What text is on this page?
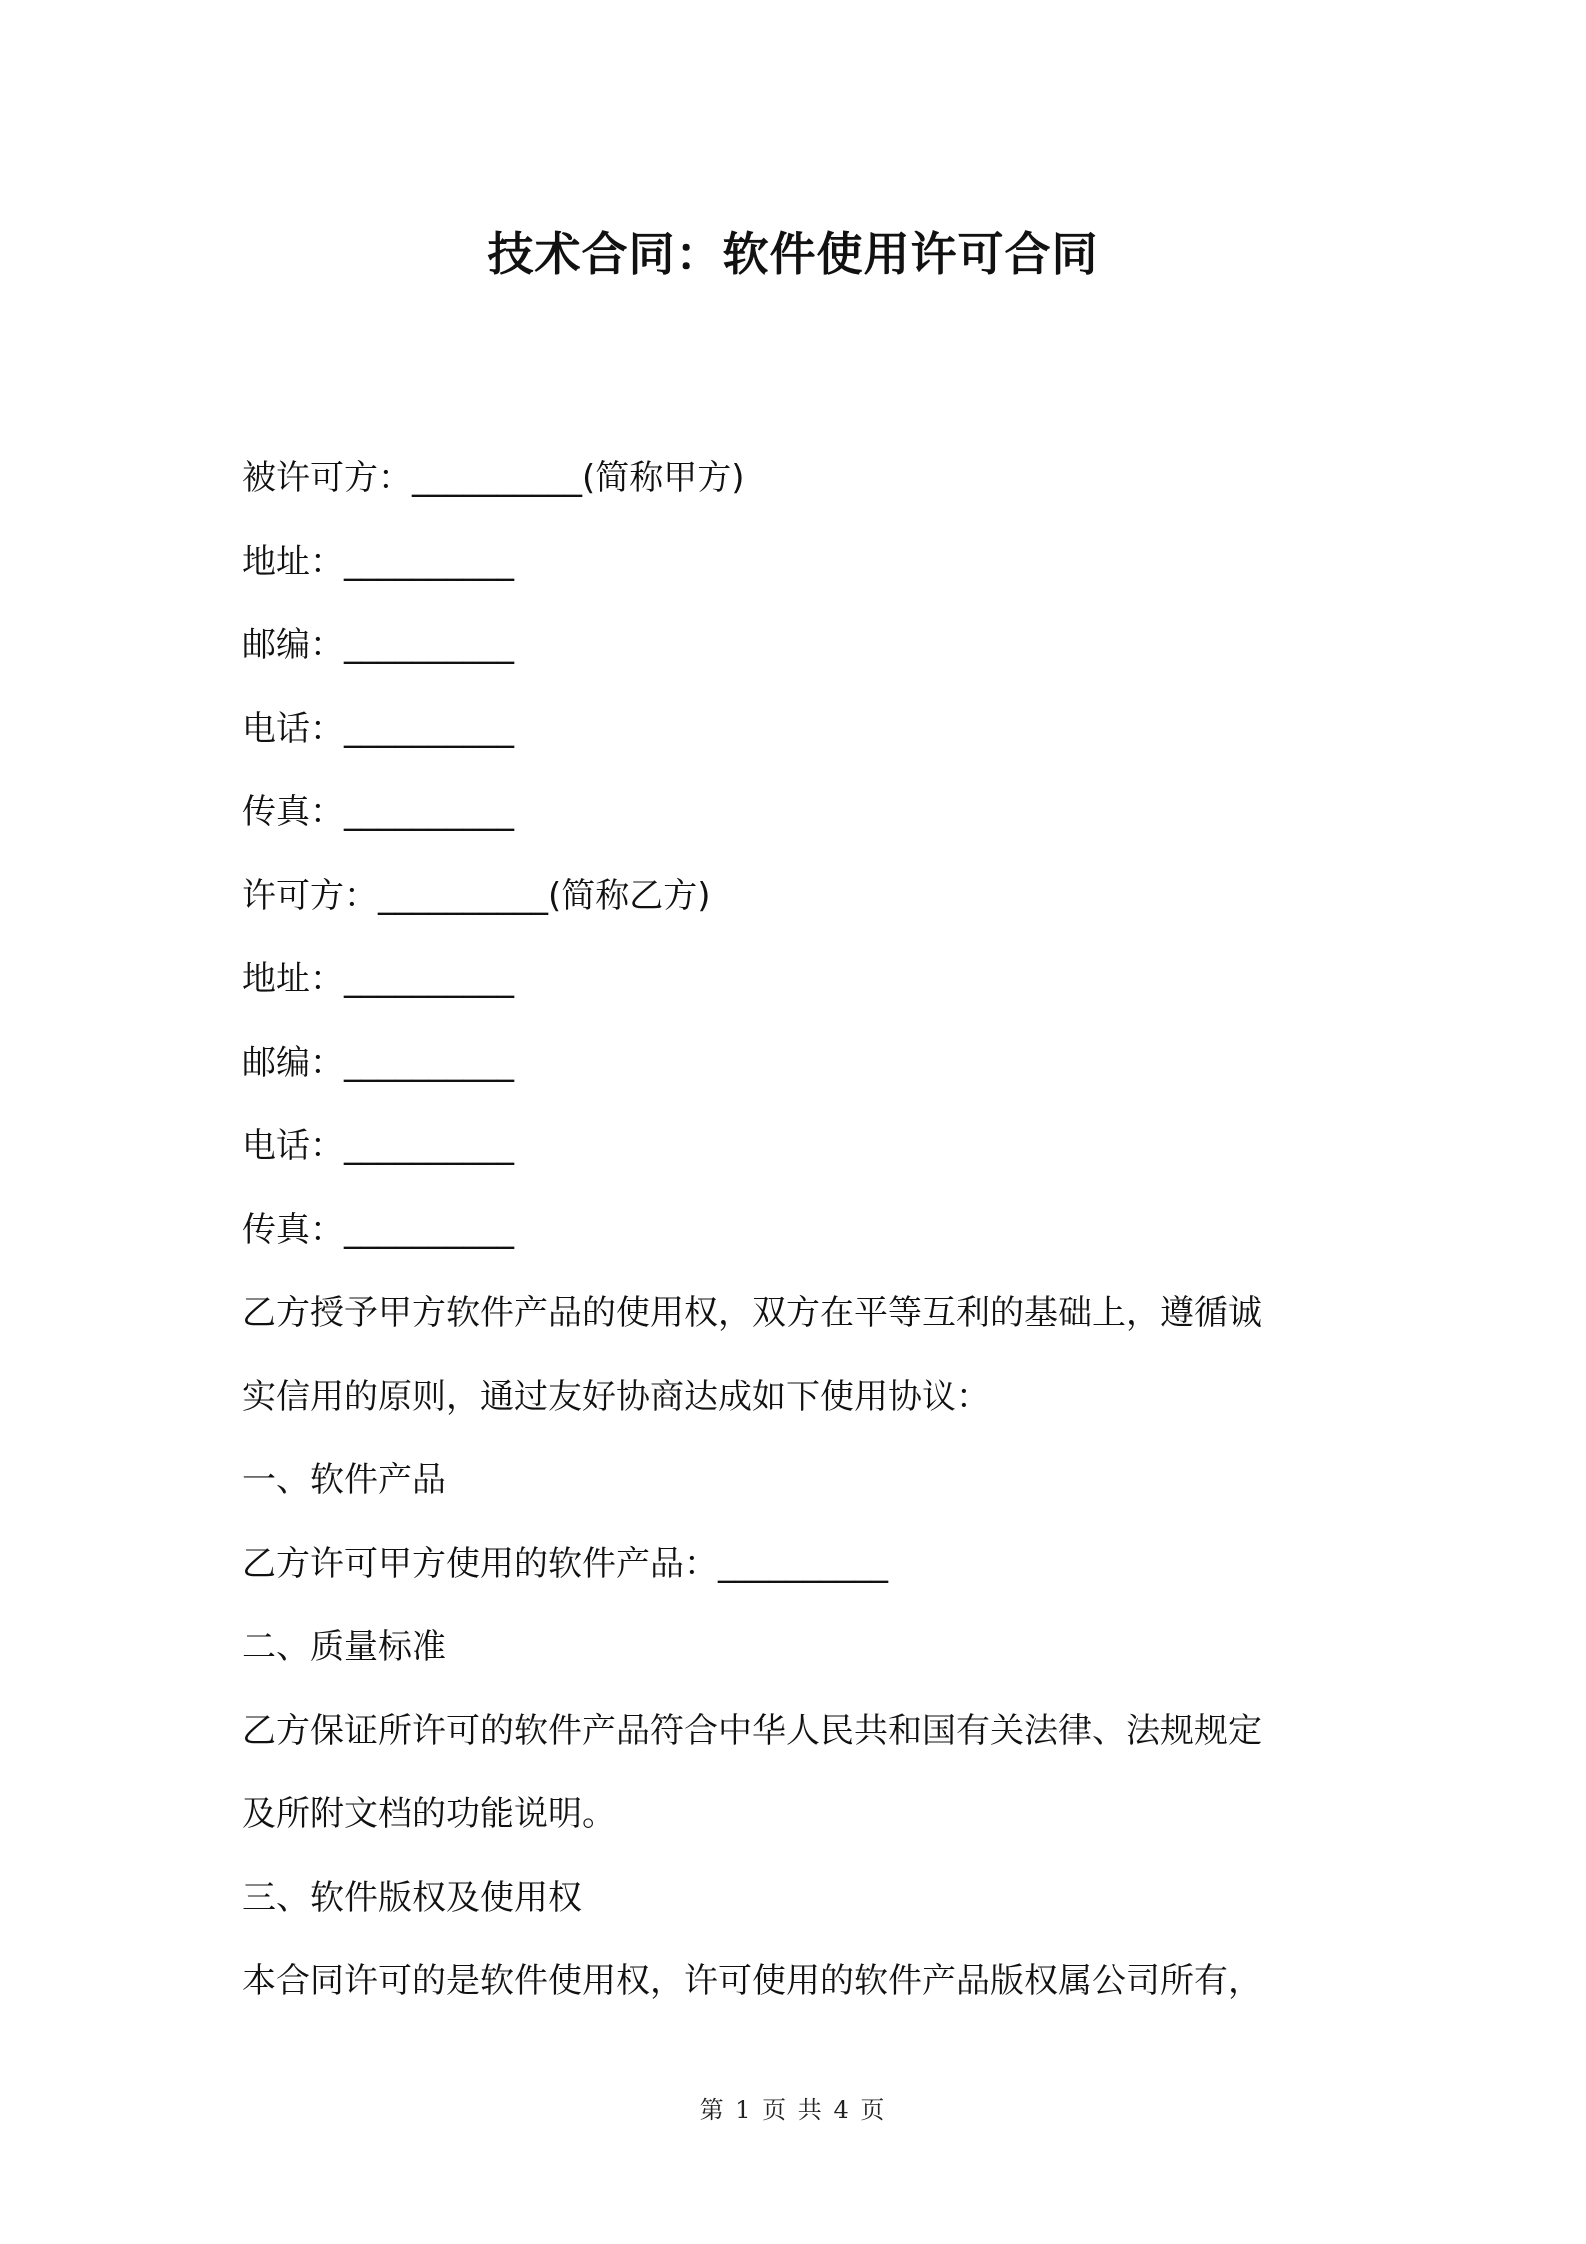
技术合同：软件使用许可合同

被许可方：__________(简称甲方)

地址：__________

邮编：__________

电话：__________

传真：__________

许可方：__________(简称乙方)

地址：__________

邮编：__________

电话：__________

传真：__________

乙方授予甲方软件产品的使用权，双方在平等互利的基础上，遵循诚

实信用的原则，通过友好协商达成如下使用协议：

一、软件产品

乙方许可甲方使用的软件产品：__________

二、质量标准

乙方保证所许可的软件产品符合中华人民共和国有关法律、法规规定

及所附文档的功能说明。

三、软件版权及使用权

本合同许可的是软件使用权，许可使用的软件产品版权属公司所有，

第 1 页 共 4 页
